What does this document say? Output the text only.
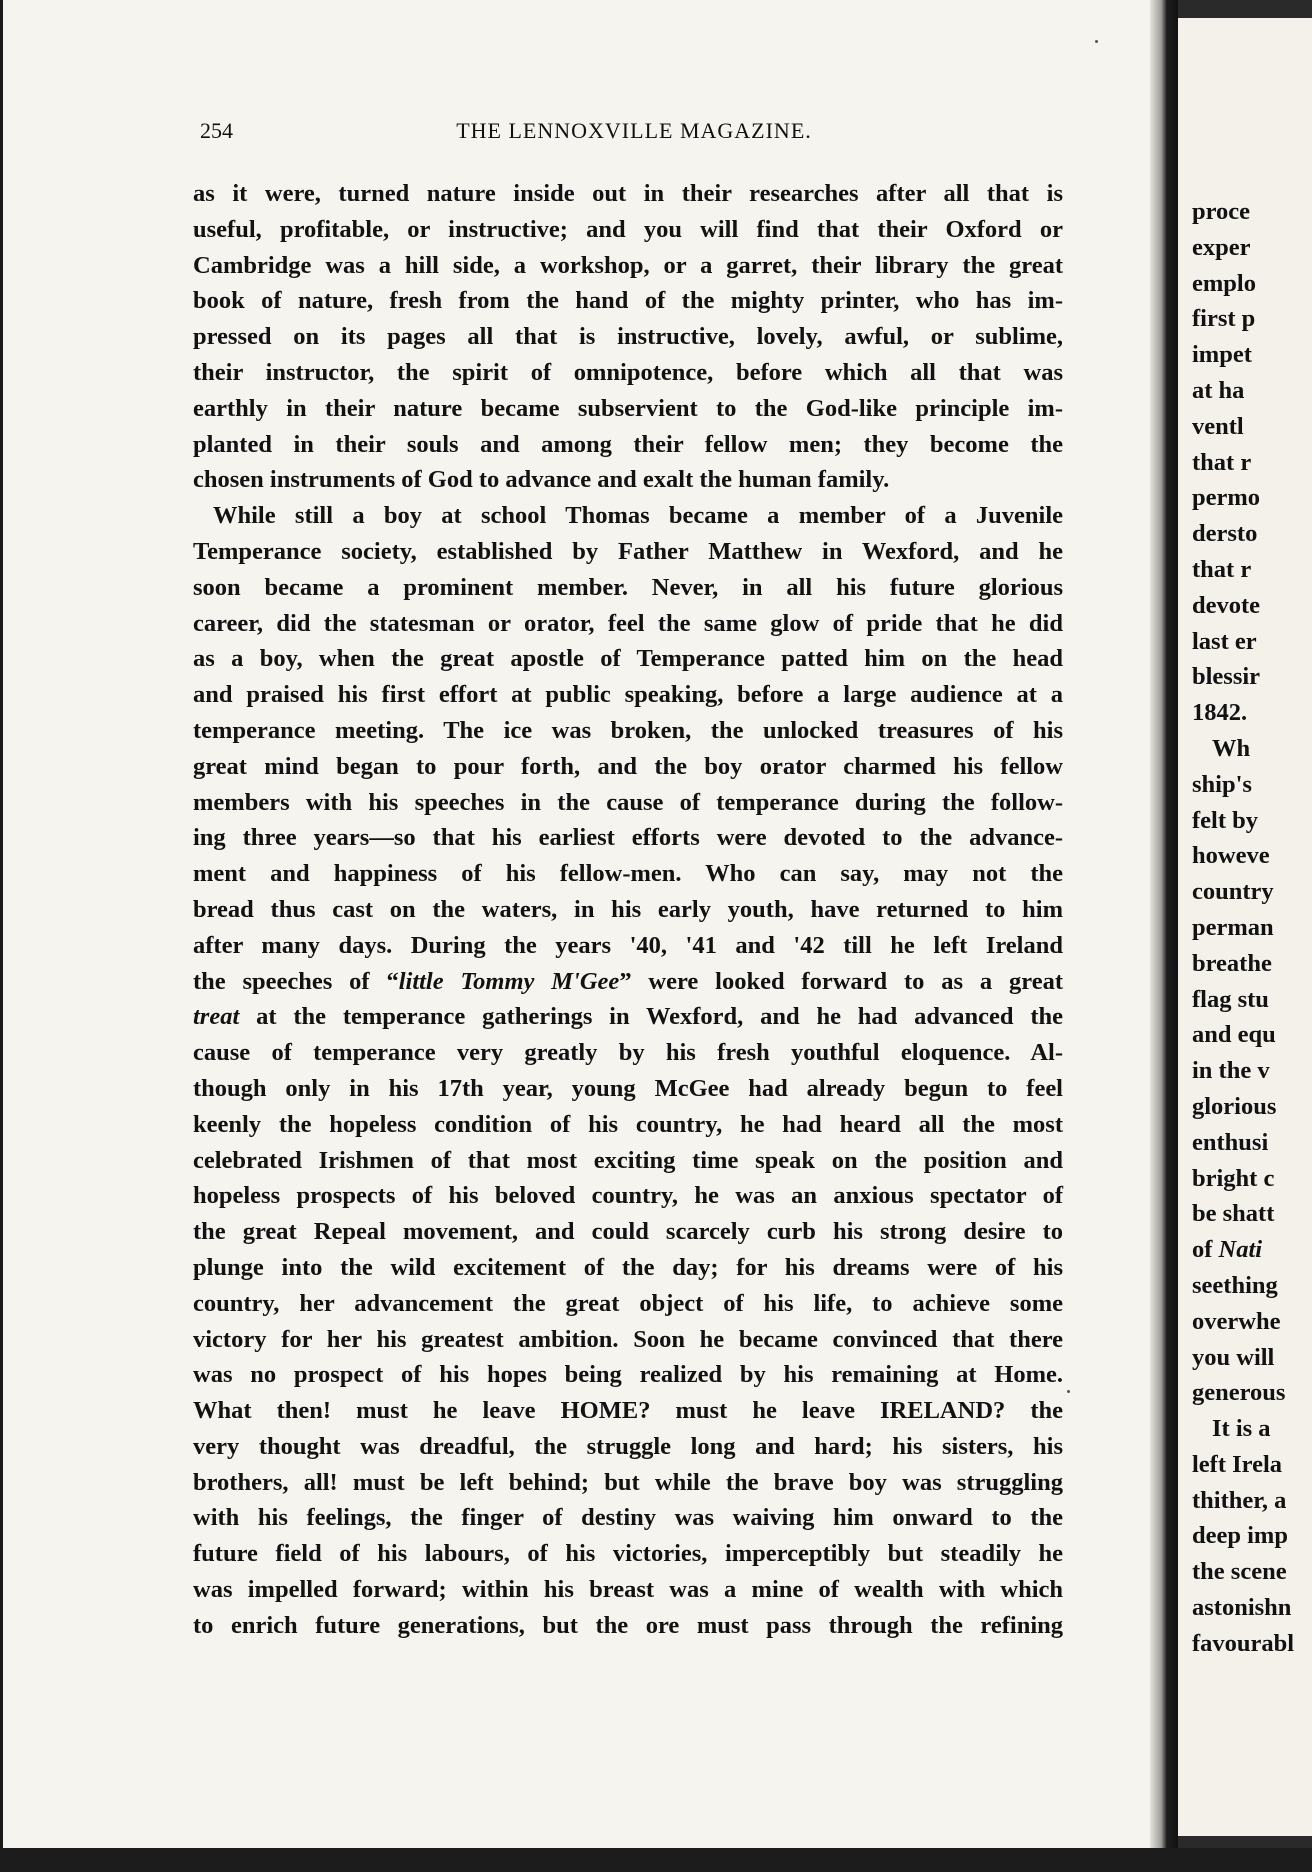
254	THE LENNOXVILLE MAGAZINE.
as it were, turned nature inside out in their researches after all that is
useful, profitable, or instructive; and you will find that their Oxford or
Cambridge was a hill side, a workshop, or a garret, their library the great
book of nature, fresh from the hand of the mighty printer, who has im-
pressed on its pages all that is instructive, lovely, awful, or sublime,
their instructor, the spirit of omnipotence, before which all that was
earthly in their nature became subservient to the God-like principle im-
planted in their souls and among their fellow men; they become the
chosen instruments of God to advance and exalt the human family.
While still a boy at school Thomas became a member of a Juvenile
Temperance society, established by Father Matthew in Wexford, and he
soon became a prominent member. Never, in all his future glorious
career, did the statesman or orator, feel the same glow of pride that he did
as a boy, when the great apostle of Temperance patted him on the head
and praised his first effort at public speaking, before a large audience at a
temperance meeting. The ice was broken, the unlocked treasures of his
great mind began to pour forth, and the boy orator charmed his fellow
members with his speeches in the cause of temperance during the follow-
ing three years—so that his earliest efforts were devoted to the advance-
ment and happiness of his fellow-men. Who can say, may not the
bread thus cast on the waters, in his early youth, have returned to him
after many days. During the years '40, '41 and '42 till he left Ireland
the speeches of “little Tommy M'Gee” were looked forward to as a great
treat at the temperance gatherings in Wexford, and he had advanced the
cause of temperance very greatly by his fresh youthful eloquence. Al-
though only in his 17th year, young McGee had already begun to feel
keenly the hopeless condition of his country, he had heard all the most
celebrated Irishmen of that most exciting time speak on the position and
hopeless prospects of his beloved country, he was an anxious spectator of
the great Repeal movement, and could scarcely curb his strong desire to
plunge into the wild excitement of the day; for his dreams were of his
country, her advancement the great object of his life, to achieve some
victory for her his greatest ambition. Soon he became convinced that there
was no prospect of his hopes being realized by his remaining at Home.
What then! must he leave HOME? must he leave IRELAND? the
very thought was dreadful, the struggle long and hard; his sisters, his
brothers, all! must be left behind; but while the brave boy was struggling
with his feelings, the finger of destiny was waiving him onward to the
future field of his labours, of his victories, imperceptibly but steadily he
was impelled forward; within his breast was a mine of wealth with which
to enrich future generations, but the ore must pass through the refining
proce
exper
emplo
first p
impet
at ha
ventl
that r
permo
dersto
that r
devote
last er
blessir
1842.
Wh
ship's
felt by
howeve
country
perman
breathe
flag stu
and equ
in the v
glorious
enthusi
bright c
be shatt
of Nati
seething
overwhe
you will
generous
It is a
left Irela
thither, a
deep imp
the scene
astonishn
favourabl
